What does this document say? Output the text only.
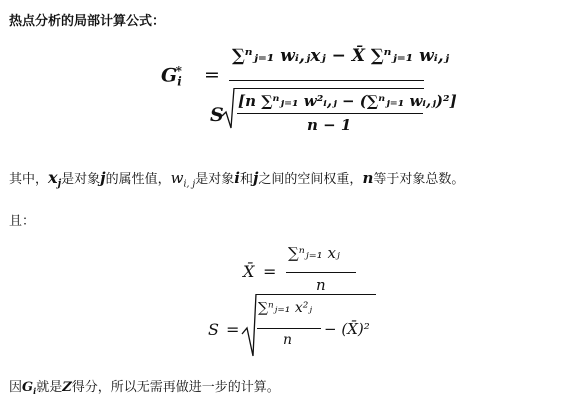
热点分析的局部计算公式：
$G_i^*$ =
∑ⁿⱼ₌₁ wᵢ,ⱼxⱼ − X̄ ∑ⁿⱼ₌₁ wᵢ,ⱼ
S
[n ∑ⁿⱼ₌₁ w²ᵢ,ⱼ − (∑ⁿⱼ₌₁ wᵢ,ⱼ)²]
n − 1
其中，$x_j$是对象j的属性值，$w_{i, j}$是对象i和j之间的空间权重，n等于对象总数。
且：
X̄ =
∑ⁿⱼ₌₁ xⱼ
n
S =
∑ⁿⱼ₌₁ x²ⱼ
n
− (X̄)²
因$G_i$就是Z得分，所以无需再做进一步的计算。
